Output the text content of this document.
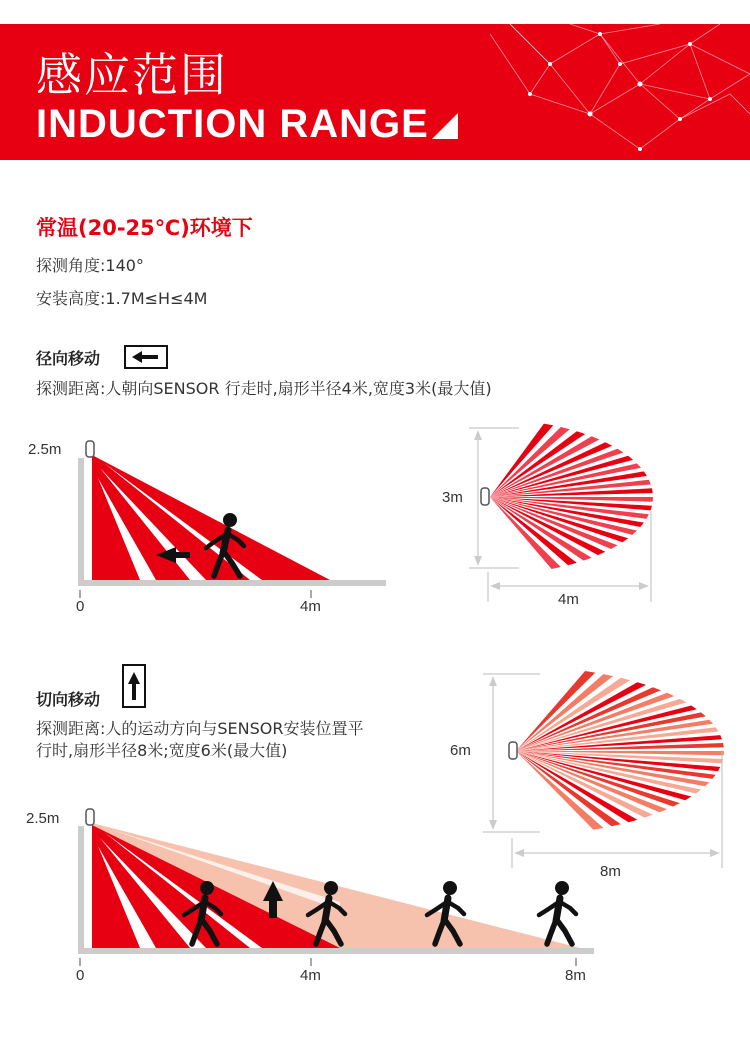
感应范围
INDUCTION RANGE
常温(20-25℃)环境下
探测角度:140°
安装高度:1.7M≤H≤4M
径向移动
探测距离:人朝向SENSOR 行走时,扇形半径4米,宽度3米(最大值)
2.5m
0	4m
3m
4m
切向移动
探测距离:人的运动方向与SENSOR安装位置平
行时,扇形半径8米;宽度6米(最大值)	6m
8m
2.5m
0	4m	8m
